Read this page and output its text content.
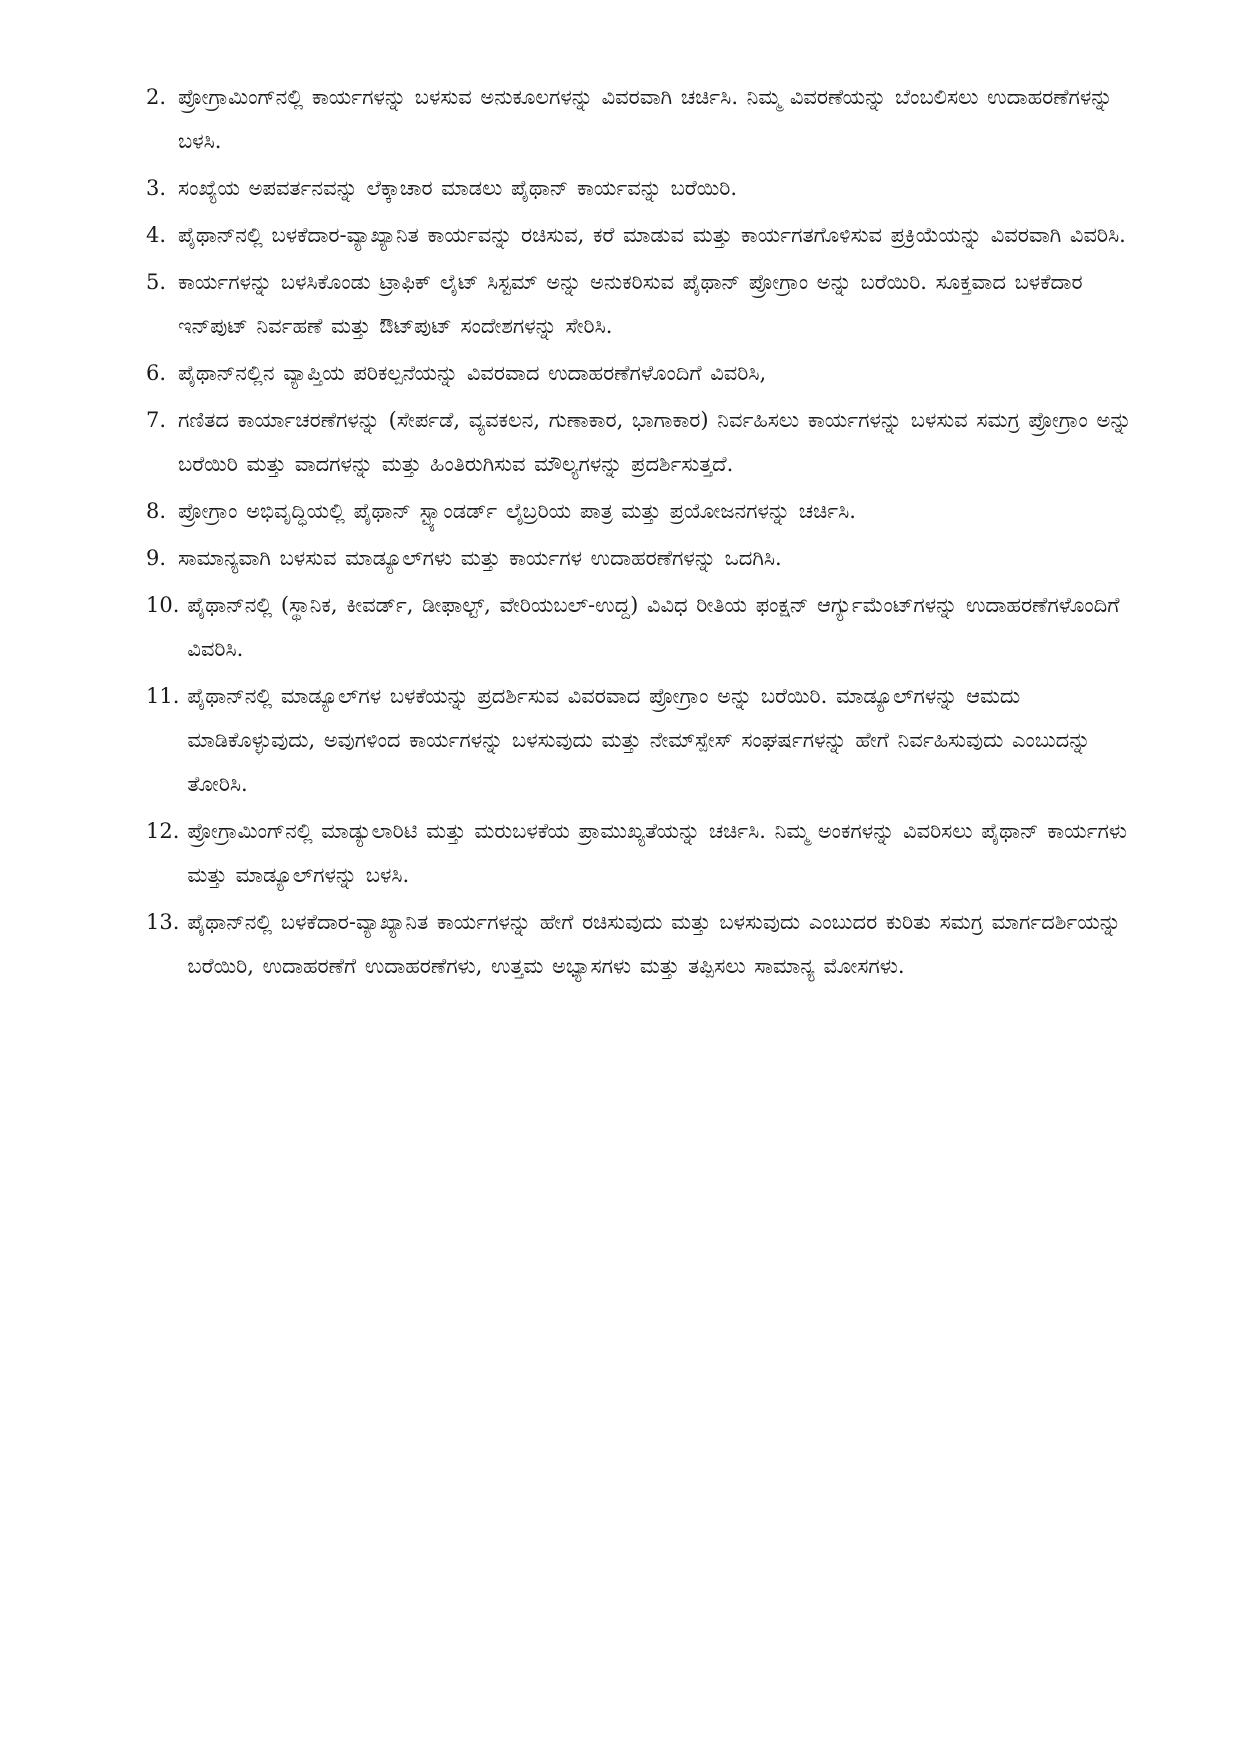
2. ಪ್ರೋಗ್ರಾಮಿಂಗ್‌ನಲ್ಲಿ ಕಾರ್ಯಗಳನ್ನು ಬಳಸುವ ಅನುಕೂಲಗಳನ್ನು ವಿವರವಾಗಿ ಚರ್ಚಿಸಿ. ನಿಮ್ಮ ವಿವರಣೆಯನ್ನು ಬೆಂಬಲಿಸಲು ಉದಾಹರಣೆಗಳನ್ನು ಬಳಸಿ.
3. ಸಂಖ್ಯೆಯ ಅಪವರ್ತನವನ್ನು ಲೆಕ್ಕಾಚಾರ ಮಾಡಲು ಪೈಥಾನ್ ಕಾರ್ಯವನ್ನು ಬರೆಯಿರಿ.
4. ಪೈಥಾನ್‌ನಲ್ಲಿ ಬಳಕೆದಾರ-ವ್ಯಾಖ್ಯಾನಿತ ಕಾರ್ಯವನ್ನು ರಚಿಸುವ, ಕರೆ ಮಾಡುವ ಮತ್ತು ಕಾರ್ಯಗತಗೊಳಿಸುವ ಪ್ರಕ್ರಿಯೆಯನ್ನು ವಿವರವಾಗಿ ವಿವರಿಸಿ.
5. ಕಾರ್ಯಗಳನ್ನು ಬಳಸಿಕೊಂಡು ಟ್ರಾಫಿಕ್ ಲೈಟ್ ಸಿಸ್ಟಮ್ ಅನ್ನು ಅನುಕರಿಸುವ ಪೈಥಾನ್ ಪ್ರೋಗ್ರಾಂ ಅನ್ನು ಬರೆಯಿರಿ. ಸೂಕ್ತವಾದ ಬಳಕೆದಾರ ಇನ್‌ಪುಟ್ ನಿರ್ವಹಣೆ ಮತ್ತು ಔಟ್‌ಪುಟ್ ಸಂದೇಶಗಳನ್ನು ಸೇರಿಸಿ.
6. ಪೈಥಾನ್‌ನಲ್ಲಿನ ವ್ಯಾಪ್ತಿಯ ಪರಿಕಲ್ಪನೆಯನ್ನು ವಿವರವಾದ ಉದಾಹರಣೆಗಳೊಂದಿಗೆ ವಿವರಿಸಿ,
7. ಗಣಿತದ ಕಾರ್ಯಾಚರಣೆಗಳನ್ನು (ಸೇರ್ಪಡೆ, ವ್ಯವಕಲನ, ಗುಣಾಕಾರ, ಭಾಗಾಕಾರ) ನಿರ್ವಹಿಸಲು ಕಾರ್ಯಗಳನ್ನು ಬಳಸುವ ಸಮಗ್ರ ಪ್ರೋಗ್ರಾಂ ಅನ್ನು ಬರೆಯಿರಿ ಮತ್ತು ವಾದಗಳನ್ನು ಮತ್ತು ಹಿಂತಿರುಗಿಸುವ ಮೌಲ್ಯಗಳನ್ನು ಪ್ರದರ್ಶಿಸುತ್ತದೆ.
8. ಪ್ರೋಗ್ರಾಂ ಅಭಿವೃದ್ಧಿಯಲ್ಲಿ ಪೈಥಾನ್ ಸ್ಟ್ಯಾಂಡರ್ಡ್ ಲೈಬ್ರರಿಯ ಪಾತ್ರ ಮತ್ತು ಪ್ರಯೋಜನಗಳನ್ನು ಚರ್ಚಿಸಿ.
9. ಸಾಮಾನ್ಯವಾಗಿ ಬಳಸುವ ಮಾಡ್ಯೂಲ್‌ಗಳು ಮತ್ತು ಕಾರ್ಯಗಳ ಉದಾಹರಣೆಗಳನ್ನು ಒದಗಿಸಿ.
10. ಪೈಥಾನ್‌ನಲ್ಲಿ (ಸ್ಥಾನಿಕ, ಕೀವರ್ಡ್, ಡೀಫಾಲ್ಟ್, ವೇರಿಯಬಲ್-ಉದ್ದ) ವಿವಿಧ ರೀತಿಯ ಫಂಕ್ಷನ್ ಆರ್ಗ್ಯುಮೆಂಟ್‌ಗಳನ್ನು ಉದಾಹರಣೆಗಳೊಂದಿಗೆ ವಿವರಿಸಿ.
11. ಪೈಥಾನ್‌ನಲ್ಲಿ ಮಾಡ್ಯೂಲ್‌ಗಳ ಬಳಕೆಯನ್ನು ಪ್ರದರ್ಶಿಸುವ ವಿವರವಾದ ಪ್ರೋಗ್ರಾಂ ಅನ್ನು ಬರೆಯಿರಿ. ಮಾಡ್ಯೂಲ್‌ಗಳನ್ನು ಆಮದು ಮಾಡಿಕೊಳ್ಳುವುದು, ಅವುಗಳಿಂದ ಕಾರ್ಯಗಳನ್ನು ಬಳಸುವುದು ಮತ್ತು ನೇಮ್‌ಸ್ಪೇಸ್ ಸಂಘರ್ಷಗಳನ್ನು ಹೇಗೆ ನಿರ್ವಹಿಸುವುದು ಎಂಬುದನ್ನು ತೋರಿಸಿ.
12. ಪ್ರೋಗ್ರಾಮಿಂಗ್‌ನಲ್ಲಿ ಮಾಡ್ಯುಲಾರಿಟಿ ಮತ್ತು ಮರುಬಳಕೆಯ ಪ್ರಾಮುಖ್ಯತೆಯನ್ನು ಚರ್ಚಿಸಿ. ನಿಮ್ಮ ಅಂಕಗಳನ್ನು ವಿವರಿಸಲು ಪೈಥಾನ್ ಕಾರ್ಯಗಳು ಮತ್ತು ಮಾಡ್ಯೂಲ್‌ಗಳನ್ನು ಬಳಸಿ.
13. ಪೈಥಾನ್‌ನಲ್ಲಿ ಬಳಕೆದಾರ-ವ್ಯಾಖ್ಯಾನಿತ ಕಾರ್ಯಗಳನ್ನು ಹೇಗೆ ರಚಿಸುವುದು ಮತ್ತು ಬಳಸುವುದು ಎಂಬುದರ ಕುರಿತು ಸಮಗ್ರ ಮಾರ್ಗದರ್ಶಿಯನ್ನು ಬರೆಯಿರಿ, ಉದಾಹರಣೆಗೆ ಉದಾಹರಣೆಗಳು, ಉತ್ತಮ ಅಭ್ಯಾಸಗಳು ಮತ್ತು ತಪ್ಪಿಸಲು ಸಾಮಾನ್ಯ ಮೋಸಗಳು.
